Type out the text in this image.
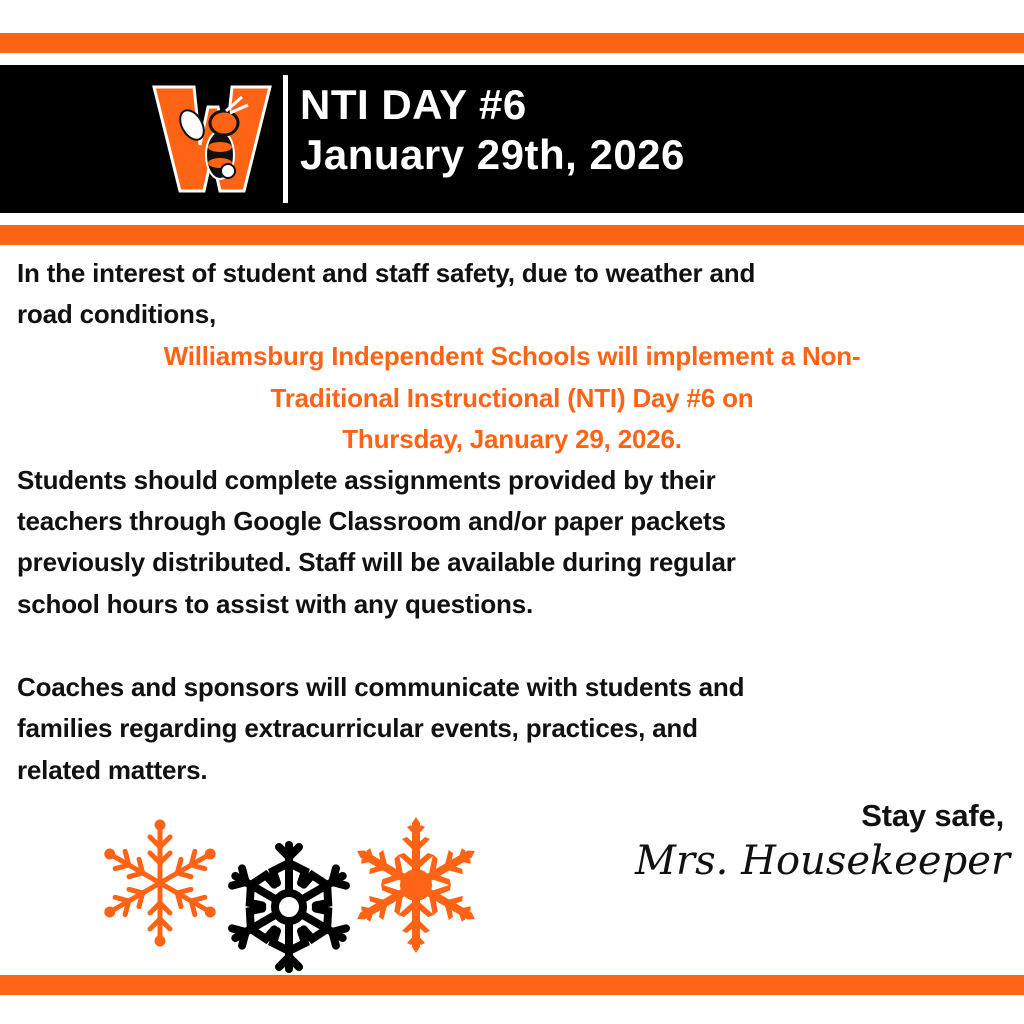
NTI DAY #6
January 29th, 2026
In the interest of student and staff safety, due to weather and
road conditions,
Williamsburg Independent Schools will implement a Non-
Traditional Instructional (NTI) Day #6 on
Thursday, January 29, 2026.
Students should complete assignments provided by their
teachers through Google Classroom and/or paper packets
previously distributed. Staff will be available during regular
school hours to assist with any questions.
Coaches and sponsors will communicate with students and
families regarding extracurricular events, practices, and
related matters.
Stay safe,
Mrs. Housekeeper
